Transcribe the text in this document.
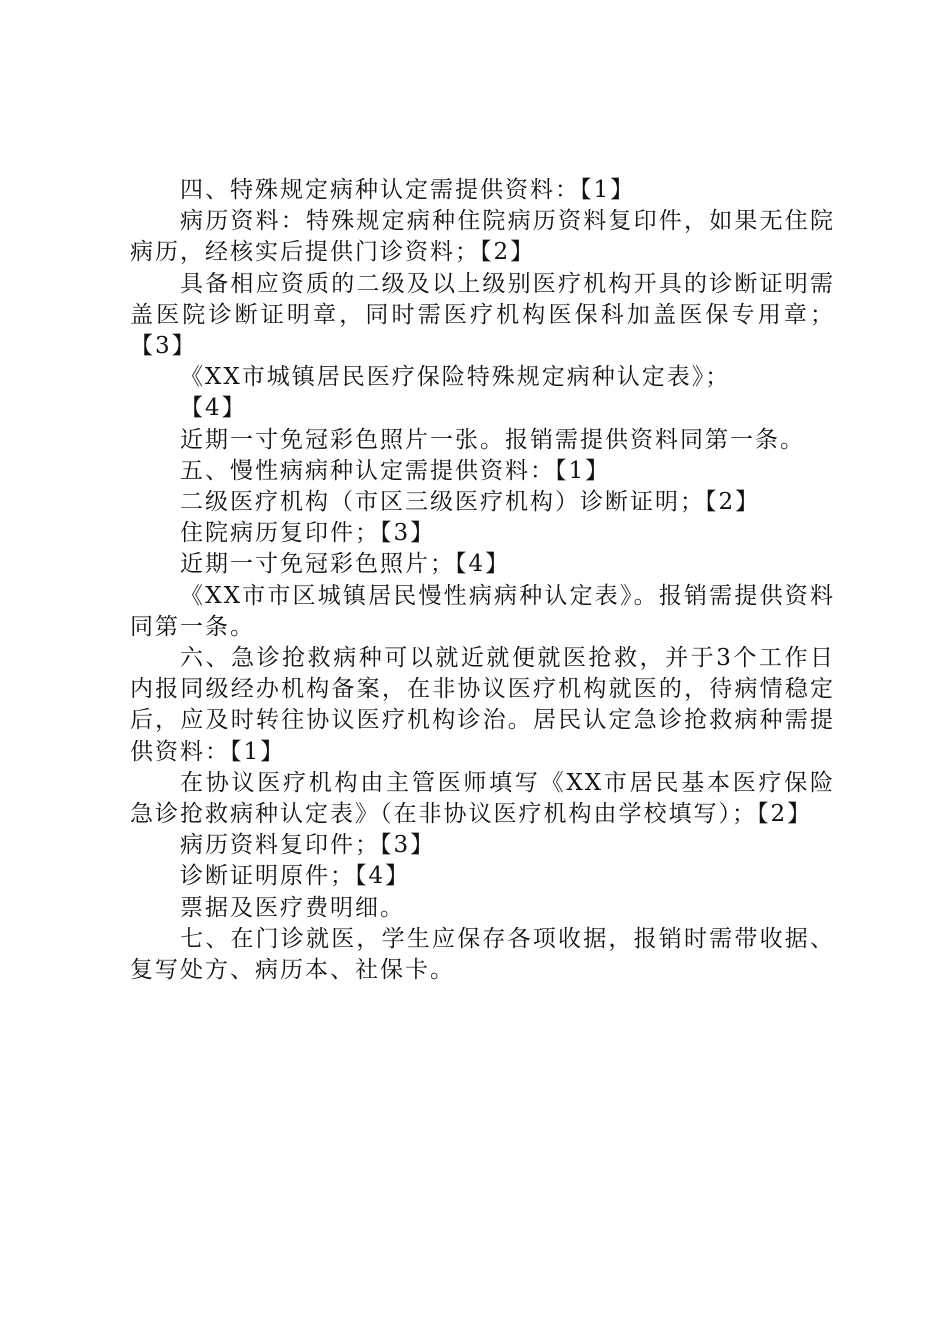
四、特殊规定病种认定需提供资料：【1】

病历资料：特殊规定病种住院病历资料复印件，如果无住院病历，经核实后提供门诊资料；【2】

具备相应资质的二级及以上级别医疗机构开具的诊断证明需盖医院诊断证明章，同时需医疗机构医保科加盖医保专用章；【3】

《XX市城镇居民医疗保险特殊规定病种认定表》；

【4】

近期一寸免冠彩色照片一张。报销需提供资料同第一条。

五、慢性病病种认定需提供资料：【1】

二级医疗机构（市区三级医疗机构）诊断证明；【2】

住院病历复印件；【3】

近期一寸免冠彩色照片；【4】

《XX市市区城镇居民慢性病病种认定表》。报销需提供资料同第一条。

六、急诊抢救病种可以就近就便就医抢救，并于3个工作日内报同级经办机构备案，在非协议医疗机构就医的，待病情稳定后，应及时转往协议医疗机构诊治。居民认定急诊抢救病种需提供资料：【1】

在协议医疗机构由主管医师填写《XX市居民基本医疗保险急诊抢救病种认定表》（在非协议医疗机构由学校填写）；【2】

病历资料复印件；【3】

诊断证明原件；【4】

票据及医疗费明细。

七、在门诊就医，学生应保存各项收据，报销时需带收据、复写处方、病历本、社保卡。
